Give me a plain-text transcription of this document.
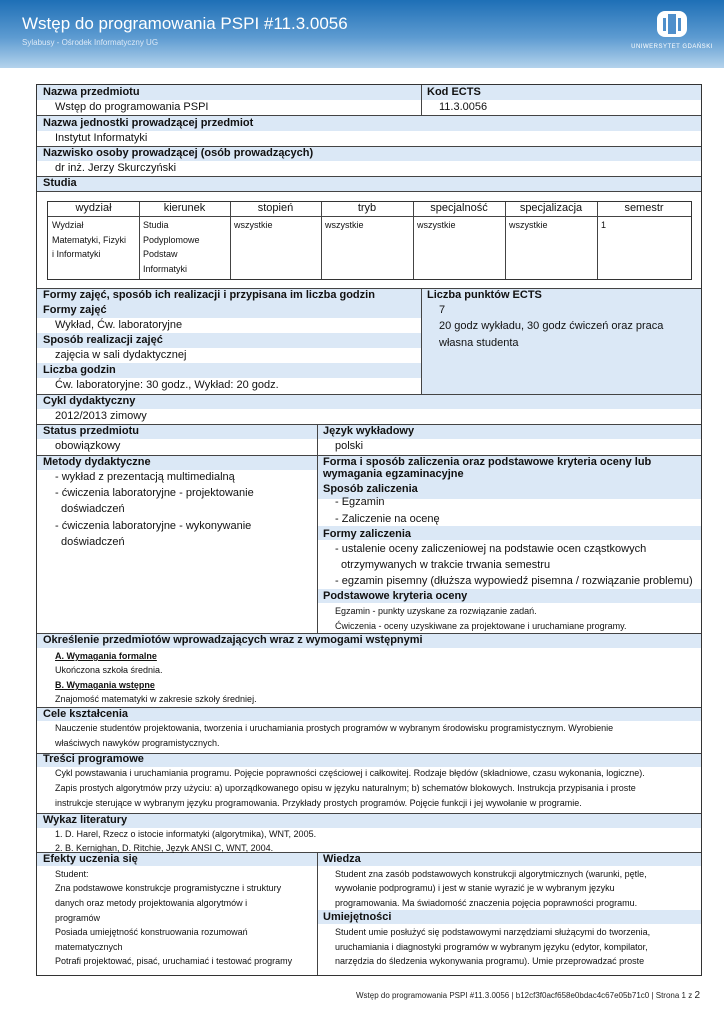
Wstęp do programowania PSPI #11.3.0056
Sylabusy - Ośrodek Informatyczny UG	UNIWERSYTET GDAŃSKI
Nazwa przedmiotu
Wstęp do programowania PSPI
Kod ECTS
11.3.0056
Nazwa jednostki prowadzącej przedmiot
Instytut Informatyki
Nazwisko osoby prowadzącej (osób prowadzących)
dr inż. Jerzy Skurczyński
Studia
wydział
Wydział
Matematyki, Fizyki
i Informatyki
kierunek
Studia
Podyplomowe
Podstaw
Informatyki
stopień
wszystkie
tryb
wszystkie
specjalność
wszystkie
specjalizacja
wszystkie
semestr
1
Formy zajęć, sposób ich realizacji i przypisana im liczba godzin
Formy zajęć
Wykład, Ćw. laboratoryjne
Sposób realizacji zajęć
zajęcia w sali dydaktycznej
Liczba godzin
Ćw. laboratoryjne: 30 godz., Wykład: 20 godz.
Liczba punktów ECTS
7
20 godz wykładu, 30 godz ćwiczeń oraz praca
własna studenta
Cykl dydaktyczny
2012/2013 zimowy
Status przedmiotu
obowiązkowy
Język wykładowy
polski
Metody dydaktyczne
- wykład z prezentacją multimedialną
- ćwiczenia laboratoryjne - projektowanie
doświadczeń
- ćwiczenia laboratoryjne - wykonywanie
doświadczeń
Forma i sposób zaliczenia oraz podstawowe kryteria oceny lub
wymagania egzaminacyjne
Sposób zaliczenia
- Egzamin
- Zaliczenie na ocenę
Formy zaliczenia
- ustalenie oceny zaliczeniowej na podstawie ocen cząstkowych
otrzymywanych w trakcie trwania semestru
- egzamin pisemny (dłuższa wypowiedź pisemna / rozwiązanie problemu)
Podstawowe kryteria oceny
Egzamin - punkty uzyskane za rozwiązanie zadań.
Ćwiczenia - oceny uzyskiwane za projektowane i uruchamiane programy.
Określenie przedmiotów wprowadzających wraz z wymogami wstępnymi
A. Wymagania formalne
Ukończona szkoła średnia.
B. Wymagania wstępne
Znajomość matematyki w zakresie szkoły średniej.
Cele kształcenia
Nauczenie studentów projektowania, tworzenia i uruchamiania prostych programów w wybranym środowisku programistycznym. Wyrobienie
właściwych nawyków programistycznych.
Treści programowe
Cykl powstawania i uruchamiania programu. Pojęcie poprawności częściowej i całkowitej. Rodzaje błędów (składniowe, czasu wykonania, logiczne).
Zapis prostych algorytmów przy użyciu: a) uporządkowanego opisu w języku naturalnym; b) schematów blokowych. Instrukcja przypisania i proste
instrukcje sterujące w wybranym języku programowania. Przykłady prostych programów. Pojęcie funkcji i jej wywołanie w programie.
Wykaz literatury
1. D. Harel, Rzecz o istocie informatyki (algorytmika), WNT, 2005.
2. B. Kernighan, D. Ritchie, Język ANSI C, WNT, 2004.
Efekty uczenia się
Student:
Zna podstawowe konstrukcje programistyczne i struktury
danych oraz metody projektowania algorytmów i
programów
Posiada umiejętność konstruowania rozumowań
matematycznych
Potrafi projektować, pisać, uruchamiać i testować programy
Wiedza
Student zna zasób podstawowych konstrukcji algorytmicznych (warunki, pętle,
wywołanie podprogramu) i jest w stanie wyrazić je w wybranym języku
programowania. Ma świadomość znaczenia pojęcia poprawności programu.
Umiejętności
Student umie posłużyć się podstawowymi narzędziami służącymi do tworzenia,
uruchamiania i diagnostyki programów w wybranym języku (edytor, kompilator,
narzędzia do śledzenia wykonywania programu). Umie przeprowadzać proste
Wstęp do programowania PSPI #11.3.0056 | b12cf3f0acf658e0bdac4c67e05b71c0 | Strona 1 z 2
